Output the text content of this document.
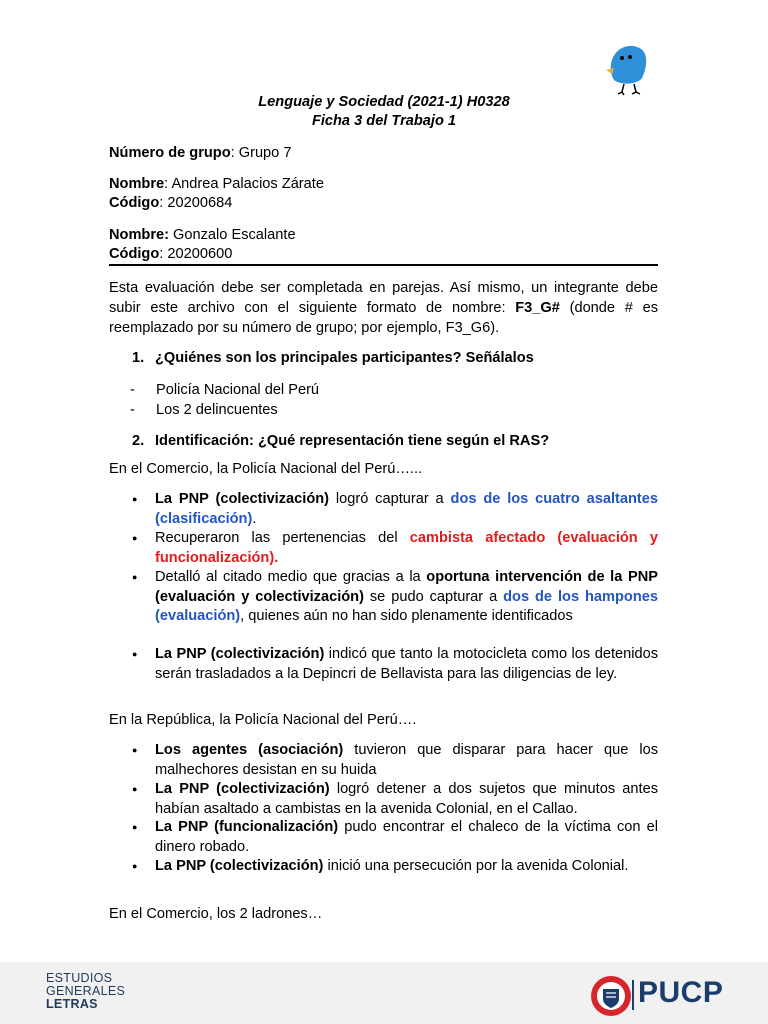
Lenguaje y Sociedad (2021-1) H0328
Ficha 3 del Trabajo 1
Número de grupo: Grupo 7
Nombre: Andrea Palacios Zárate
Código: 20200684
Nombre: Gonzalo Escalante
Código: 20200600
Esta evaluación debe ser completada en parejas. Así mismo, un integrante debe subir este archivo con el siguiente formato de nombre: F3_G# (donde # es reemplazado por su número de grupo; por ejemplo, F3_G6).
1. ¿Quiénes son los principales participantes? Señálalos
- Policía Nacional del Perú
- Los 2 delincuentes
2. Identificación: ¿Qué representación tiene según el RAS?
En el Comercio, la Policía Nacional del Perú…...
● La PNP (colectivización) logró capturar a dos de los cuatro asaltantes (clasificación).
● Recuperaron las pertenencias del cambista afectado (evaluación y funcionalización).
● Detalló al citado medio que gracias a la oportuna intervención de la PNP (evaluación y colectivización) se pudo capturar a dos de los hampones (evaluación), quienes aún no han sido plenamente identificados
● La PNP (colectivización) indicó que tanto la motocicleta como los detenidos serán trasladados a la Depincri de Bellavista para las diligencias de ley.
En la República, la Policía Nacional del Perú….
● Los agentes (asociación) tuvieron que disparar para hacer que los malhechores desistan en su huida
● La PNP (colectivización) logró detener a dos sujetos que minutos antes habían asaltado a cambistas en la avenida Colonial, en el Callao.
● La PNP (funcionalización) pudo encontrar el chaleco de la víctima con el dinero robado.
● La PNP (colectivización) inició una persecución por la avenida Colonial.
En el Comercio, los 2 ladrones…
ESTUDIOS
GENERALES
LETRAS	PUCP
